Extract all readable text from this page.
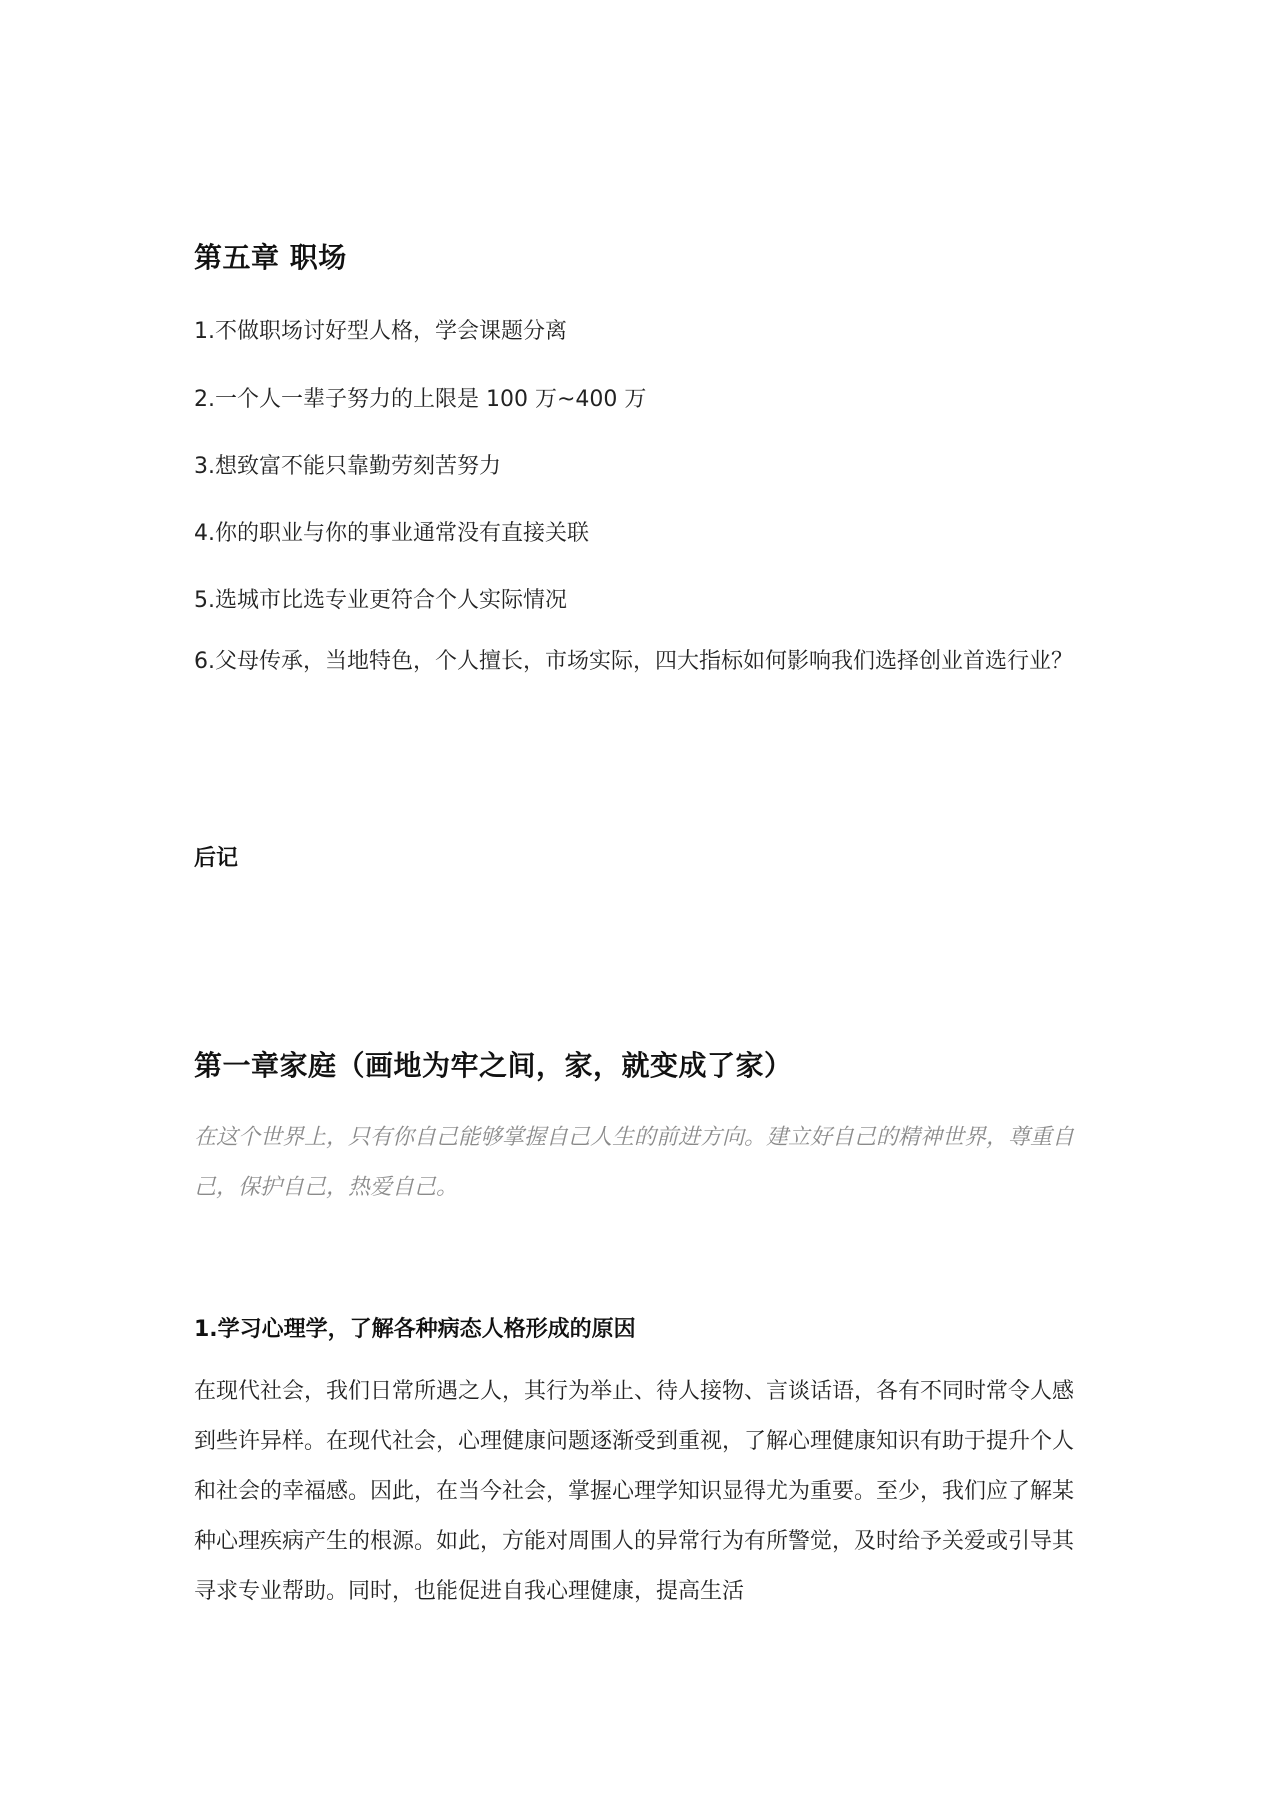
第五章 职场

1.不做职场讨好型人格，学会课题分离

2.一个人一辈子努力的上限是 100 万~400 万

3.想致富不能只靠勤劳刻苦努力

4.你的职业与你的事业通常没有直接关联

5.选城市比选专业更符合个人实际情况

6.父母传承，当地特色，个人擅长，市场实际，四大指标如何影响我们选择创业首选行业？

后记
第一章家庭（画地为牢之间，家，就变成了家）

在这个世界上，只有你自己能够掌握自己人生的前进方向。建立好自己的精神世界，尊重自己，保护自己，热爱自己。

1.学习心理学，了解各种病态人格形成的原因

在现代社会，我们日常所遇之人，其行为举止、待人接物、言谈话语，各有不同时常令人感到些许异样。在现代社会，心理健康问题逐渐受到重视，了解心理健康知识有助于提升个人和社会的幸福感。因此，在当今社会，掌握心理学知识显得尤为重要。至少，我们应了解某种心理疾病产生的根源。如此，方能对周围人的异常行为有所警觉，及时给予关爱或引导其寻求专业帮助。同时，也能促进自我心理健康，提高生活
